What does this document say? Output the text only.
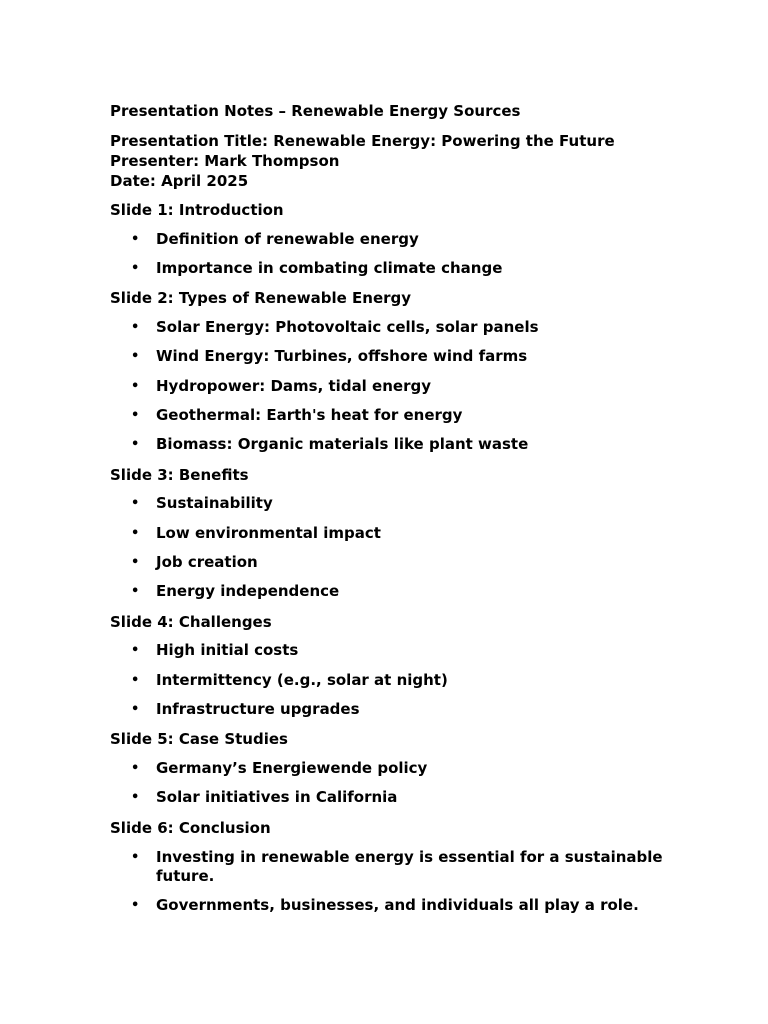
Presentation Notes – Renewable Energy Sources
Presentation Title: Renewable Energy: Powering the Future
Presenter: Mark Thompson
Date: April 2025
Slide 1: Introduction
• Definition of renewable energy
• Importance in combating climate change
Slide 2: Types of Renewable Energy
• Solar Energy: Photovoltaic cells, solar panels
• Wind Energy: Turbines, offshore wind farms
• Hydropower: Dams, tidal energy
• Geothermal: Earth's heat for energy
• Biomass: Organic materials like plant waste
Slide 3: Benefits
• Sustainability
• Low environmental impact
• Job creation
• Energy independence
Slide 4: Challenges
• High initial costs
• Intermittency (e.g., solar at night)
• Infrastructure upgrades
Slide 5: Case Studies
• Germany’s Energiewende policy
• Solar initiatives in California
Slide 6: Conclusion
• Investing in renewable energy is essential for a sustainable future.
• Governments, businesses, and individuals all play a role.
